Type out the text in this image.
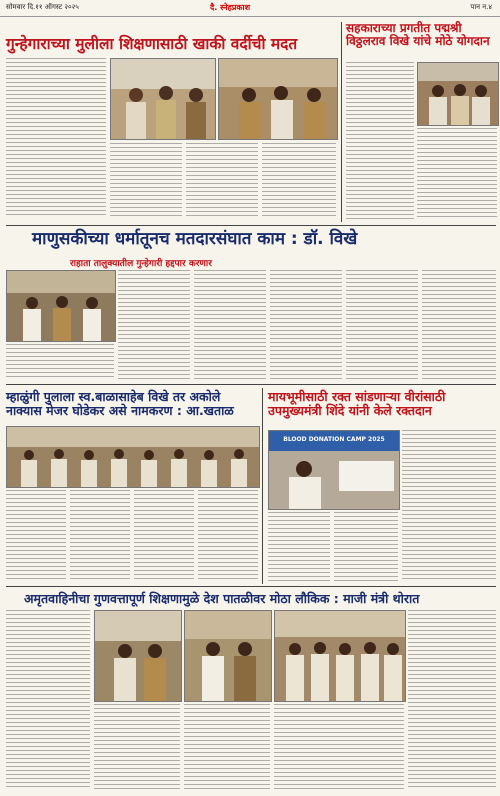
सोमवार दि.११ ऑगस्ट २०२५	दै. स्नेहप्रकाश	पान न.४
गुन्हेगाराच्या मुलीला शिक्षणासाठी खाकी वर्दीची मदत
सहकाराच्या प्रगतीत पद्मश्री विठ्ठलराव विखे यांचे मोठे योगदान
माणुसकीच्या धर्मातूनच मतदारसंघात काम : डॉ. विखे
राहाता तालुक्यातील गुन्हेगारी हद्दपार करणार
म्हाळुंगी पुलाला स्व.बाळासाहेब विखे तर अकोले नाक्यास मेजर घोडेकर असे नामकरण : आ.खताळ
मायभूमीसाठी रक्त सांडणाऱ्या वीरांसाठी उपमुख्यमंत्री शिंदे यांनी केले रक्तदान
BLOOD DONATION CAMP 2025
अमृतवाहिनीचा गुणवत्तापूर्ण शिक्षणामुळे देश पातळीवर मोठा लौकिक : माजी मंत्री थोरात
